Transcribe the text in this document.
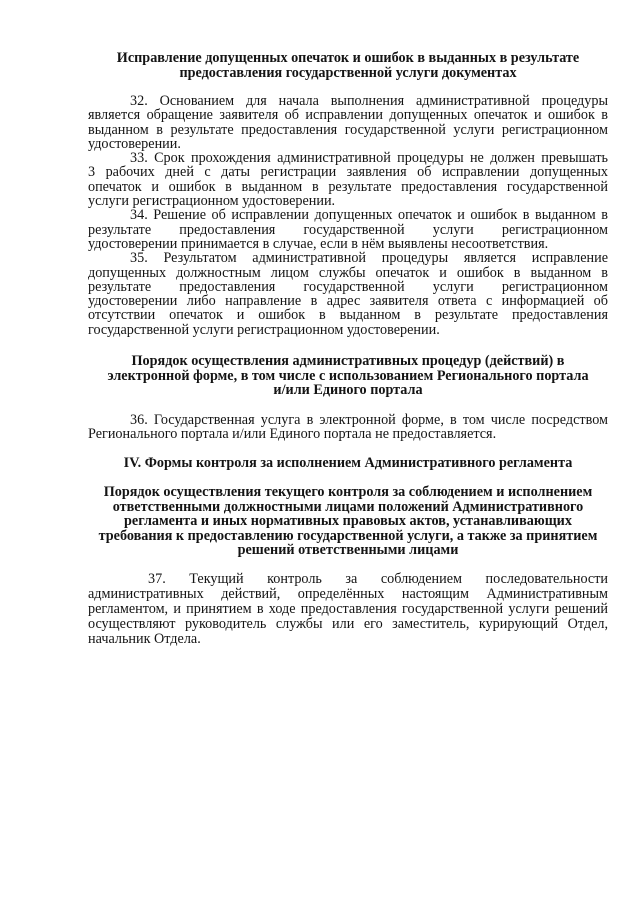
Исправление допущенных опечаток и ошибок в выданных в результате
предоставления государственной услуги документах
32. Основанием для начала выполнения административной процедуры
является обращение заявителя об исправлении допущенных опечаток и ошибок в
выданном в результате предоставления государственной услуги регистрационном
удостоверении.
33. Срок прохождения административной процедуры не должен превышать
3 рабочих дней с даты регистрации заявления об исправлении допущенных
опечаток и ошибок в выданном в результате предоставления государственной
услуги регистрационном удостоверении.
34. Решение об исправлении допущенных опечаток и ошибок в выданном в
результате предоставления государственной услуги регистрационном
удостоверении принимается в случае, если в нём выявлены несоответствия.
35. Результатом административной процедуры является исправление
допущенных должностным лицом службы опечаток и ошибок в выданном в
результате предоставления государственной услуги регистрационном
удостоверении либо направление в адрес заявителя ответа с информацией об
отсутствии опечаток и ошибок в выданном в результате предоставления
государственной услуги регистрационном удостоверении.
Порядок осуществления административных процедур (действий) в
электронной форме, в том числе с использованием Регионального портала
и/или Единого портала
36. Государственная услуга в электронной форме, в том числе посредством
Регионального портала и/или Единого портала не предоставляется.
IV. Формы контроля за исполнением Административного регламента
Порядок осуществления текущего контроля за соблюдением и исполнением
ответственными должностными лицами положений Административного
регламента и иных нормативных правовых актов, устанавливающих
требования к предоставлению государственной услуги, а также за принятием
решений ответственными лицами
37. Текущий контроль за соблюдением последовательности
административных действий, определённых настоящим Административным
регламентом, и принятием в ходе предоставления государственной услуги решений
осуществляют руководитель службы или его заместитель, курирующий Отдел,
начальник Отдела.
